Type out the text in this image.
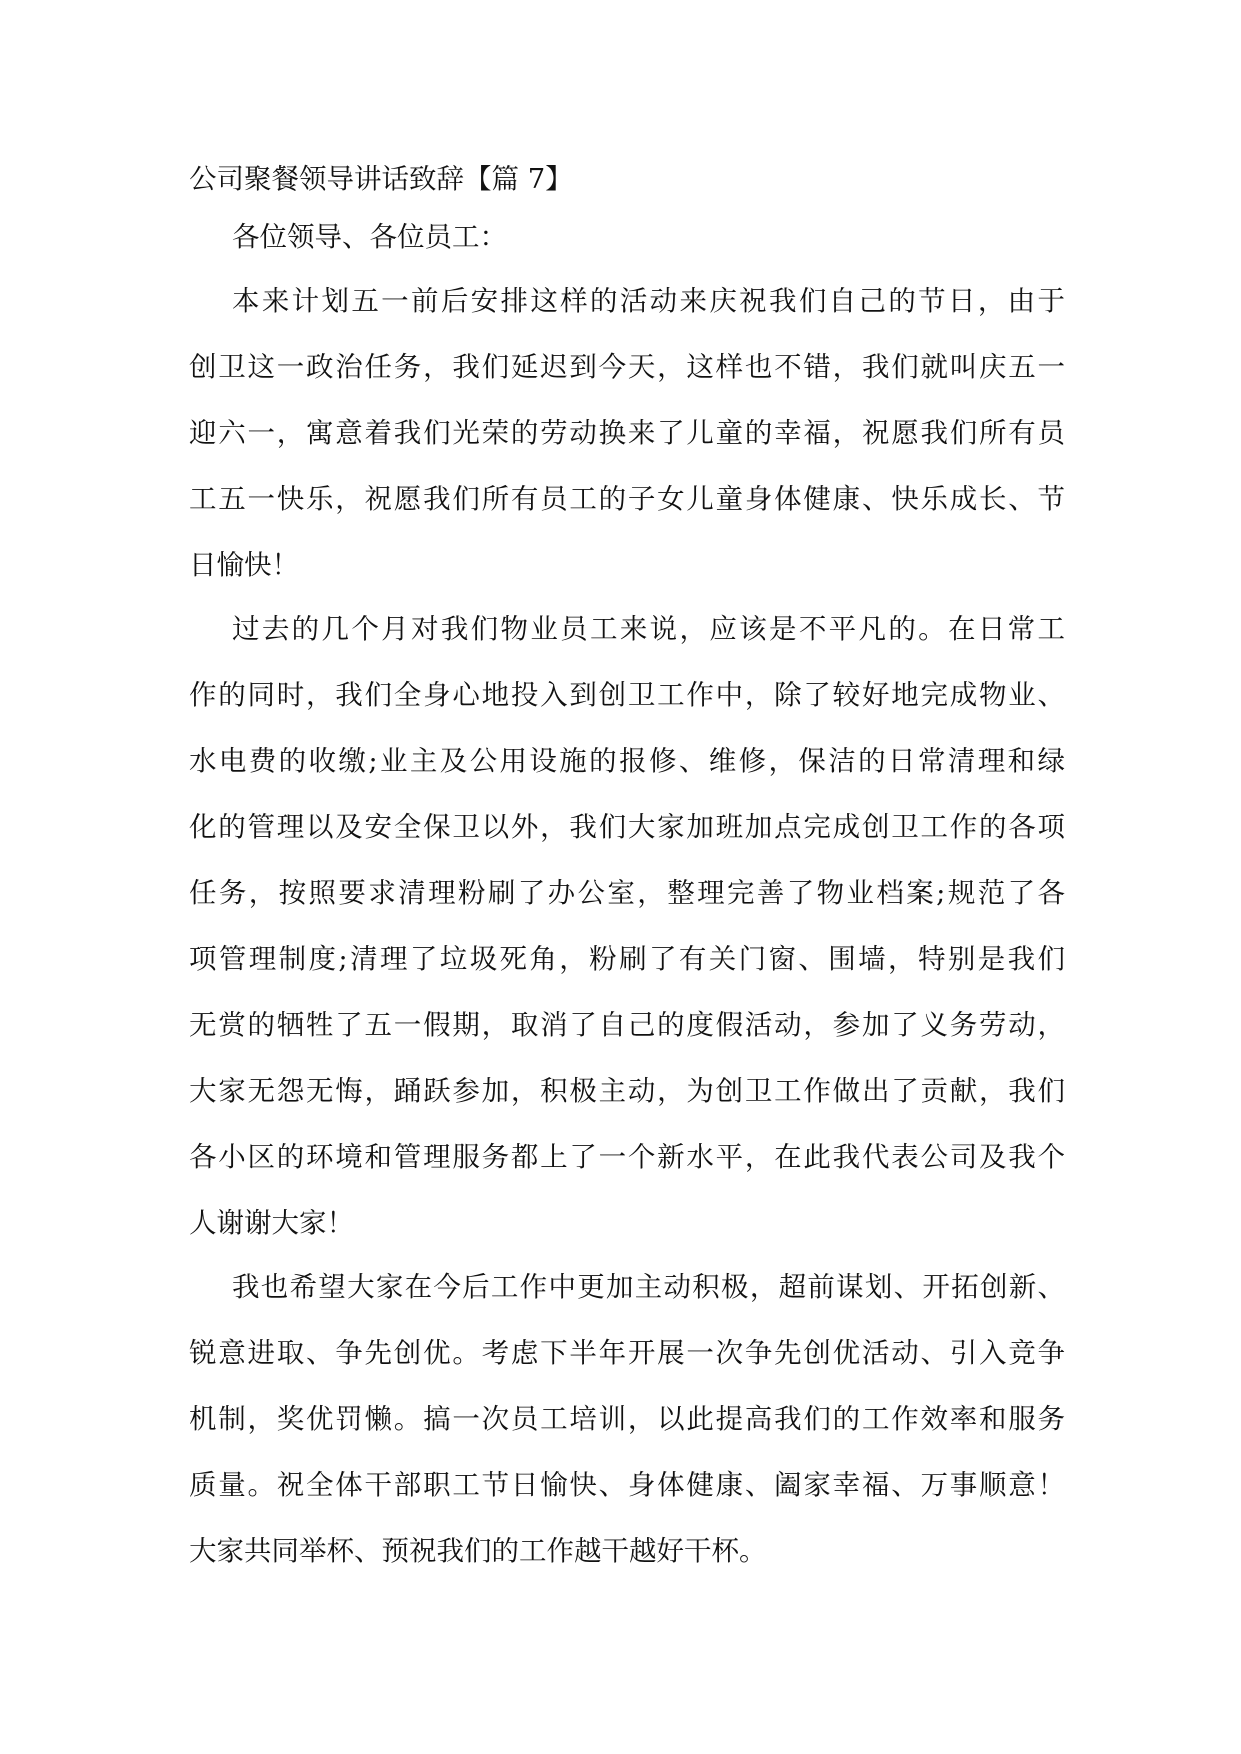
公司聚餐领导讲话致辞【篇 7】
各位领导、各位员工：
本来计划五一前后安排这样的活动来庆祝我们自己的节日，由于
创卫这一政治任务，我们延迟到今天，这样也不错，我们就叫庆五一
迎六一，寓意着我们光荣的劳动换来了儿童的幸福，祝愿我们所有员
工五一快乐，祝愿我们所有员工的子女儿童身体健康、快乐成长、节
日愉快！
过去的几个月对我们物业员工来说，应该是不平凡的。在日常工
作的同时，我们全身心地投入到创卫工作中，除了较好地完成物业、
水电费的收缴;业主及公用设施的报修、维修，保洁的日常清理和绿
化的管理以及安全保卫以外，我们大家加班加点完成创卫工作的各项
任务，按照要求清理粉刷了办公室，整理完善了物业档案;规范了各
项管理制度;清理了垃圾死角，粉刷了有关门窗、围墙，特别是我们
无赏的牺牲了五一假期，取消了自己的度假活动，参加了义务劳动，
大家无怨无悔，踊跃参加，积极主动，为创卫工作做出了贡献，我们
各小区的环境和管理服务都上了一个新水平，在此我代表公司及我个
人谢谢大家！
我也希望大家在今后工作中更加主动积极，超前谋划、开拓创新、
锐意进取、争先创优。考虑下半年开展一次争先创优活动、引入竞争
机制，奖优罚懒。搞一次员工培训，以此提高我们的工作效率和服务
质量。祝全体干部职工节日愉快、身体健康、阖家幸福、万事顺意！
大家共同举杯、预祝我们的工作越干越好干杯。
